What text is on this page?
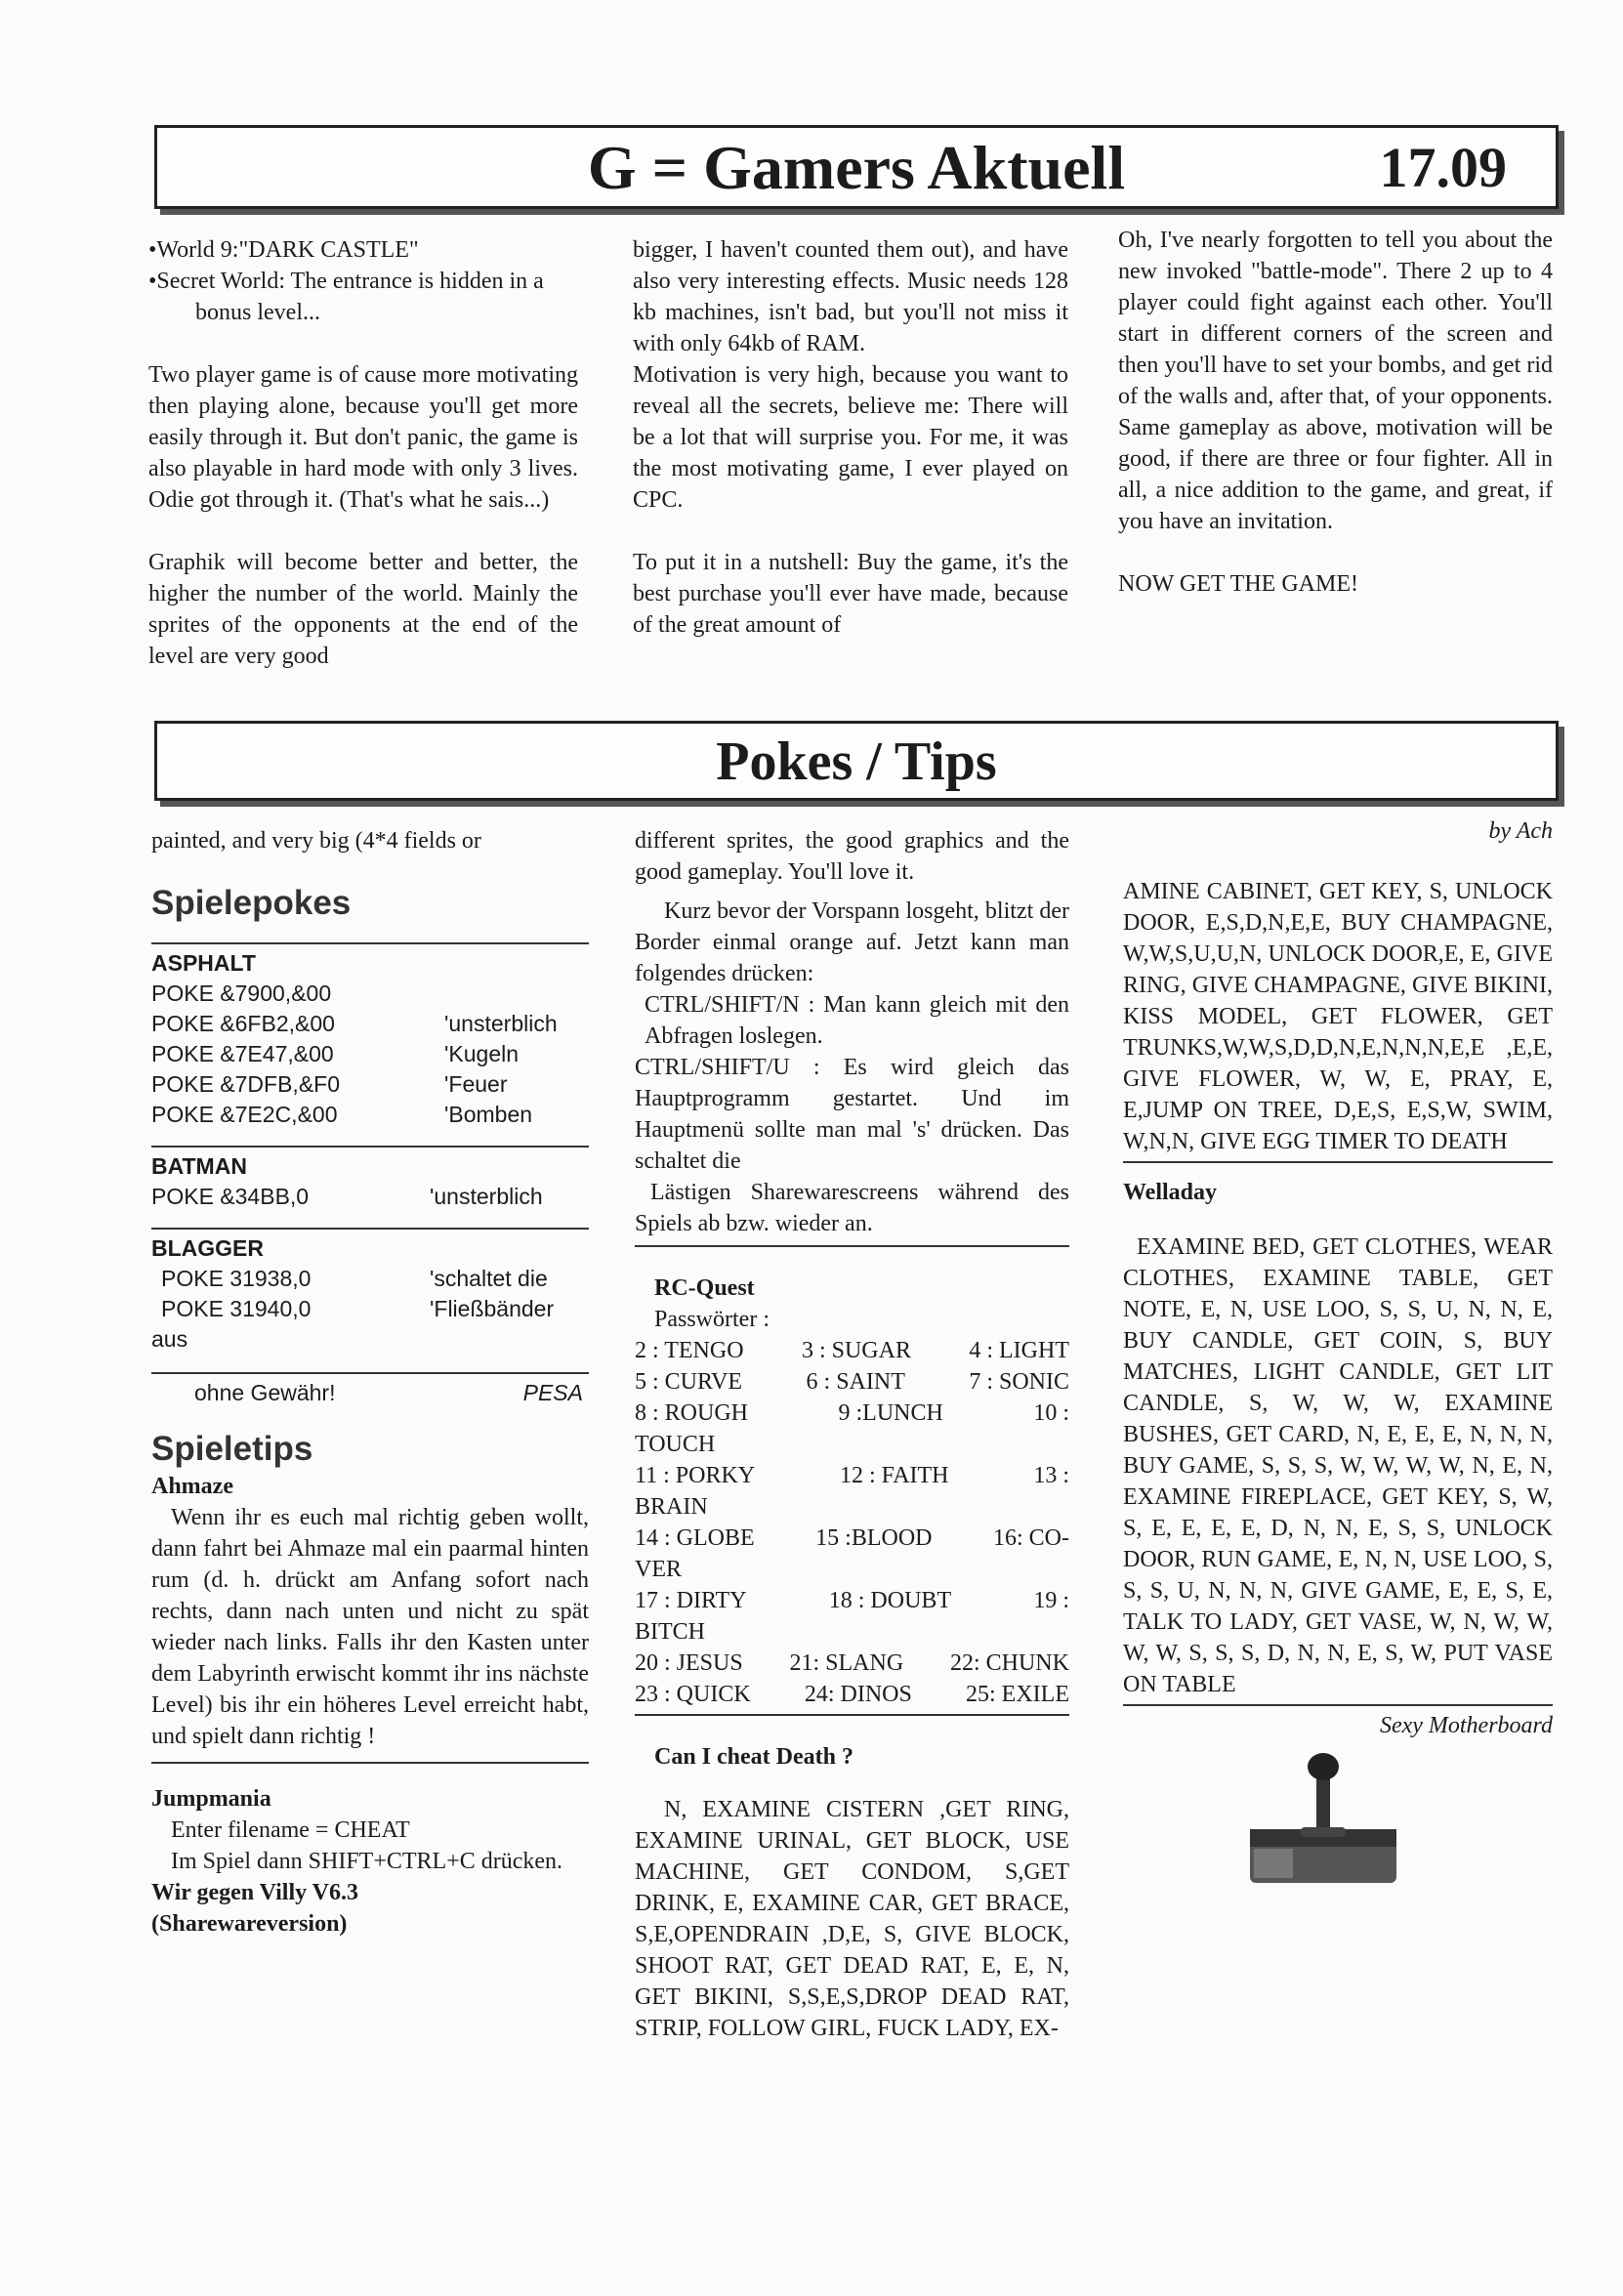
G = Gamers Aktuell	17.09

•World 9:"DARK CASTLE"

•Secret World: The entrance is hidden in a bonus level...

Two player game is of cause more motivating then playing alone, because you'll get more easily through it. But don't panic, the game is also playable in hard mode with only 3 lives. Odie got through it. (That's what he sais...)

Graphik will become better and better, the higher the number of the world. Mainly the sprites of the opponents at the end of the level are very good

bigger, I haven't counted them out), and have also very interesting effects. Music needs 128 kb machines, isn't bad, but you'll not miss it with only 64kb of RAM.

Motivation is very high, because you want to reveal all the secrets, believe me: There will be a lot that will surprise you. For me, it was the most motivating game, I ever played on CPC.

To put it in a nutshell: Buy the game, it's the best purchase you'll ever have made, because of the great amount of

Oh, I've nearly forgotten to tell you about the new invoked "battle-mode". There 2 up to 4 player could fight against each other. You'll start in different corners of the screen and then you'll have to set your bombs, and get rid of the walls and, after that, of your opponents. Same gameplay as above, motivation will be good, if there are three or four fighter. All in all, a nice addition to the game, and great, if you have an invitation.

NOW GET THE GAME!

Pokes / Tips

painted, and very big (4*4 fields or

Spielepokes
ASPHALT
POKE &7900,&00
POKE &6FB2,&00	'unsterblich
POKE &7E47,&00	'Kugeln
POKE &7DFB,&F0	'Feuer
POKE &7E2C,&00	'Bomben
BATMAN
POKE &34BB,0	'unsterblich
BLAGGER
POKE 31938,0	'schaltet die
POKE 31940,0	'Fließbänder
aus
ohne Gewähr!	PESA
Spieletips
Ahmaze

Wenn ihr es euch mal richtig geben wollt, dann fahrt bei Ahmaze mal ein paarmal hinten rum (d. h. drückt am Anfang sofort nach rechts, dann nach unten und nicht zu spät wieder nach links. Falls ihr den Kasten unter dem Labyrinth erwischt kommt ihr ins nächste Level) bis ihr ein höheres Level erreicht habt, und spielt dann richtig !

Jumpmania

Enter filename = CHEAT

Im Spiel dann SHIFT+CTRL+C drücken.

Wir gegen Villy V6.3
(Sharewareversion)

different sprites, the good graphics and the good gameplay. You'll love it.

Kurz bevor der Vorspann losgeht, blitzt der Border einmal orange auf. Jetzt kann man folgendes drücken:

CTRL/SHIFT/N : Man kann gleich mit den Abfragen loslegen.

CTRL/SHIFT/U : Es wird gleich das Hauptprogramm gestartet. Und im Hauptmenü sollte man mal 's' drücken. Das schaltet die

Lästigen Sharewarescreens während des Spiels ab bzw. wieder an.

RC-Quest
Passwörter :
2 : TENGO 3 : SUGAR 4 : LIGHT
5 : CURVE	6 : SAINT	7 : SONIC
8 : ROUGH	9 :LUNCH	10 :
TOUCH
11 : PORKY	12 : FAITH	13 :
BRAIN
14 : GLOBE	15 :BLOOD	16: CO-
VER
17 : DIRTY	18 : DOUBT	19 :
BITCH
20 : JESUS 21: SLANG 22: CHUNK
23 : QUICK 24: DINOS 25: EXILE
Can I cheat Death ?

N, EXAMINE CISTERN ,GET RING, EXAMINE URINAL, GET BLOCK, USE MACHINE, GET CONDOM, S,GET DRINK, E, EXAMINE CAR, GET BRACE, S,E,OPENDRAIN ,D,E, S, GIVE BLOCK, SHOOT RAT, GET DEAD RAT, E, E, N, GET BIKINI, S,S,E,S,DROP DEAD RAT, STRIP, FOLLOW GIRL, FUCK LADY, EX-

by Ach

AMINE CABINET, GET KEY, S, UNLOCK DOOR, E,S,D,N,E,E, BUY CHAMPAGNE, W,W,S,U,U,N, UNLOCK DOOR,E, E, GIVE RING, GIVE CHAMPAGNE, GIVE BIKINI, KISS MODEL, GET FLOWER, GET TRUNKS,W,W,S,D,D,N,E,N,N,N,E,E ,E,E, GIVE FLOWER, W, W, E, PRAY, E, E,JUMP ON TREE, D,E,S, E,S,W, SWIM, W,N,N, GIVE EGG TIMER TO DEATH

Welladay

EXAMINE BED, GET CLOTHES, WEAR CLOTHES, EXAMINE TABLE, GET NOTE, E, N, USE LOO, S, S, U, N, N, E, BUY CANDLE, GET COIN, S, BUY MATCHES, LIGHT CANDLE, GET LIT CANDLE, S, W, W, W, EXAMINE BUSHES, GET CARD, N, E, E, E, N, N, N, BUY GAME, S, S, S, W, W, W, W, N, E, N, EXAMINE FIREPLACE, GET KEY, S, W, S, E, E, E, E, D, N, N, E, S, S, UNLOCK DOOR, RUN GAME, E, N, N, USE LOO, S, S, S, U, N, N, N, GIVE GAME, E, E, S, E, TALK TO LADY, GET VASE, W, N, W, W, W, W, S, S, S, D, N, N, E, S, W, PUT VASE ON TABLE

Sexy Motherboard
